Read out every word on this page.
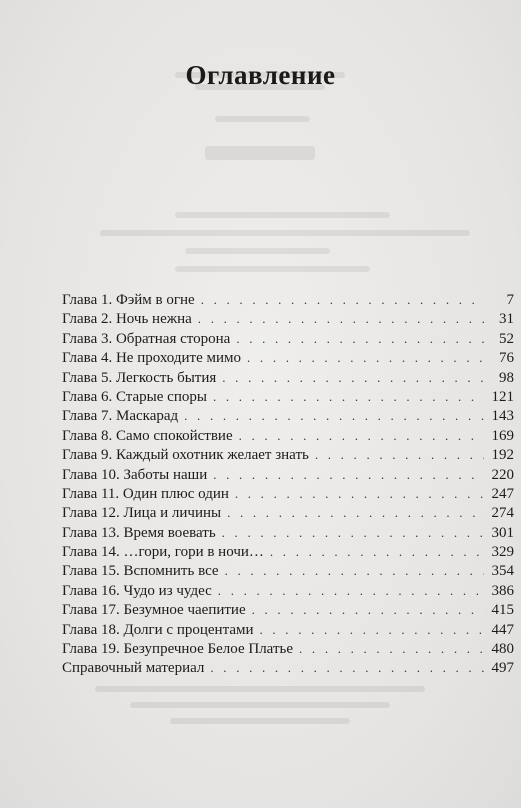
Оглавление
Глава 1. Фэйм в огне . . .	7
Глава 2. Ночь нежна . . .	31
Глава 3. Обратная сторона . . .	52
Глава 4. Не проходите мимо . . .	76
Глава 5. Легкость бытия . . .	98
Глава 6. Старые споры . . .	121
Глава 7. Маскарад . . .	143
Глава 8. Само спокойствие . . .	169
Глава 9. Каждый охотник желает знать . . .	192
Глава 10. Заботы наши . . .	220
Глава 11. Один плюс один . . .	247
Глава 12. Лица и личины . . .	274
Глава 13. Время воевать . . .	301
Глава 14. …гори, гори в ночи… . . .	329
Глава 15. Вспомнить все . . .	354
Глава 16. Чудо из чудес . . .	386
Глава 17. Безумное чаепитие . . .	415
Глава 18. Долги с процентами . . .	447
Глава 19. Безупречное Белое Платье . . .	480
Справочный материал . . .	497
